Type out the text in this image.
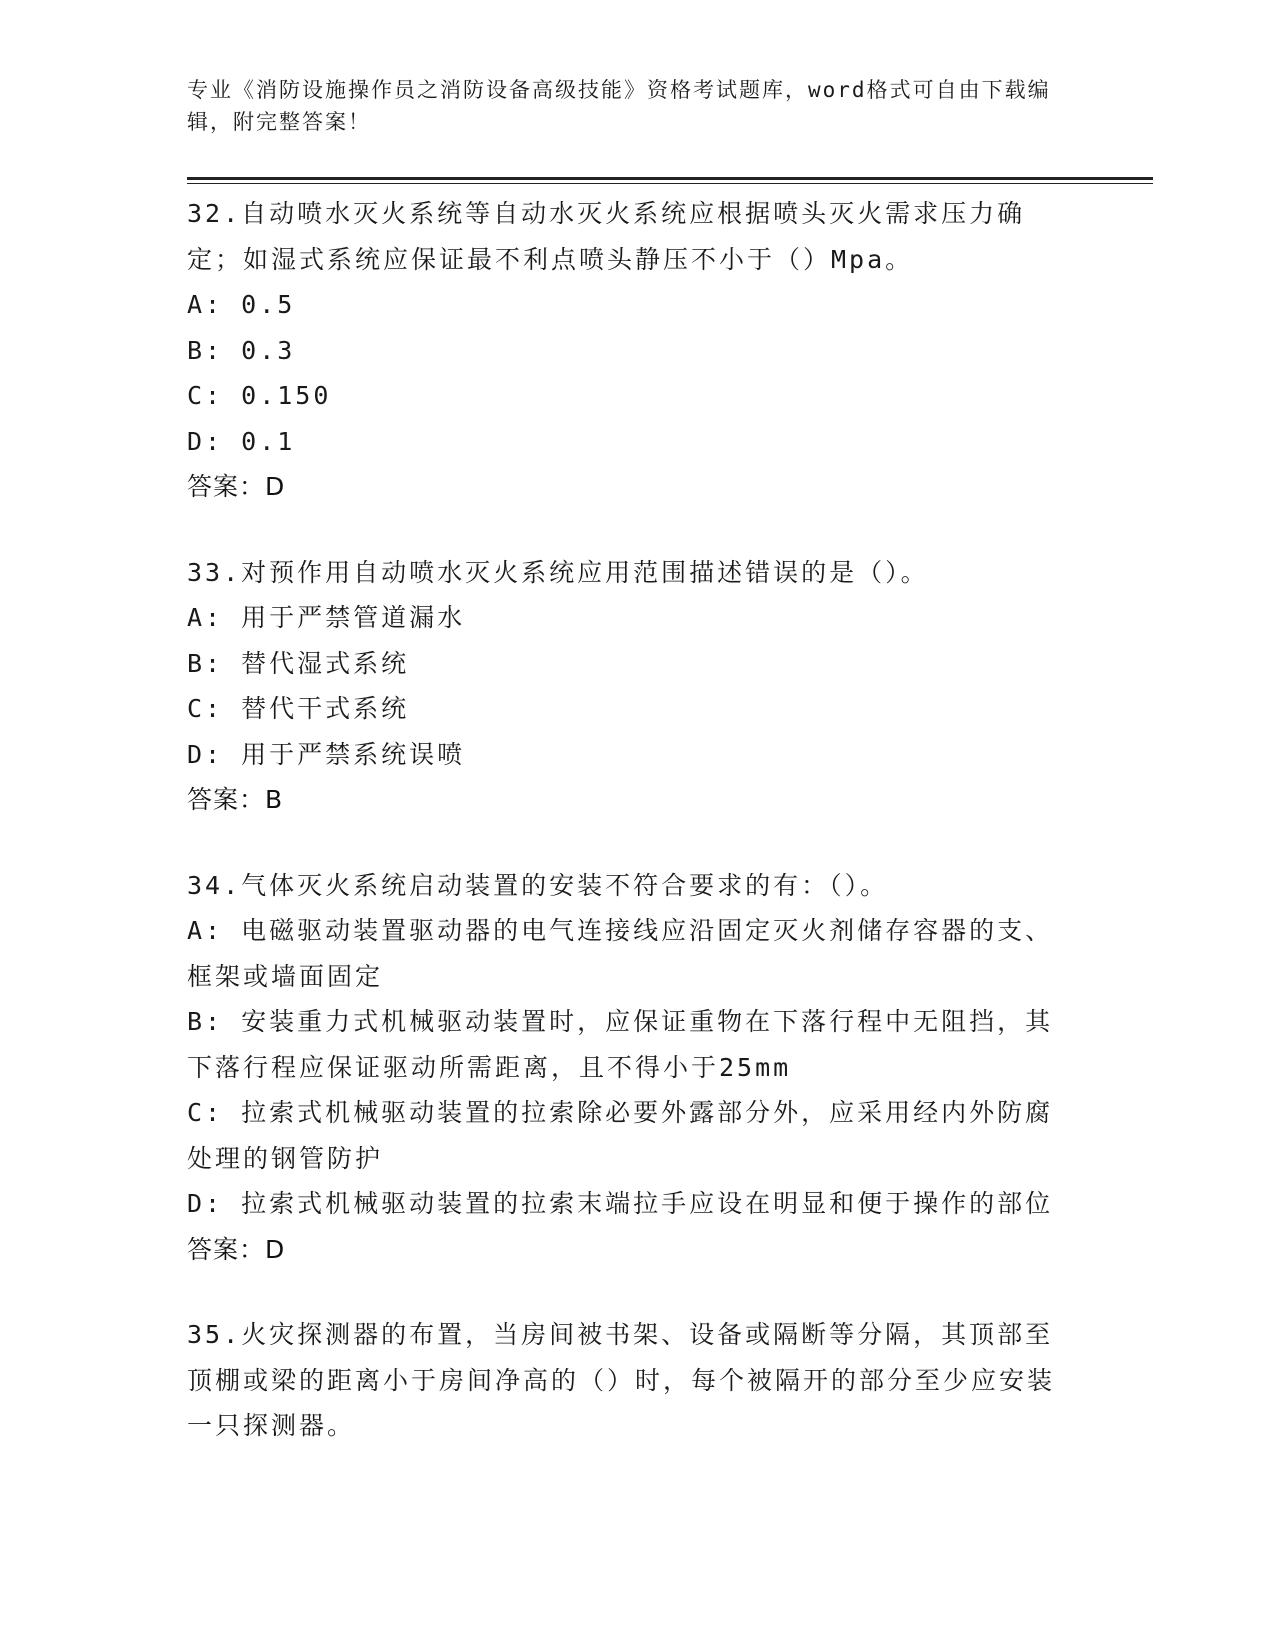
专业《消防设施操作员之消防设备高级技能》资格考试题库，word格式可自由下载编辑，附完整答案！
32.自动喷水灭火系统等自动水灭火系统应根据喷头灭火需求压力确定；如湿式系统应保证最不利点喷头静压不小于（）Mpa。
A: 0.5
B: 0.3
C: 0.150
D: 0.1
答案：D
33.对预作用自动喷水灭火系统应用范围描述错误的是（）。
A: 用于严禁管道漏水
B: 替代湿式系统
C: 替代干式系统
D: 用于严禁系统误喷
答案：B
34.气体灭火系统启动装置的安装不符合要求的有：（）。
A: 电磁驱动装置驱动器的电气连接线应沿固定灭火剂储存容器的支、框架或墙面固定
B: 安装重力式机械驱动装置时，应保证重物在下落行程中无阻挡，其下落行程应保证驱动所需距离，且不得小于25mm
C: 拉索式机械驱动装置的拉索除必要外露部分外，应采用经内外防腐处理的钢管防护
D: 拉索式机械驱动装置的拉索末端拉手应设在明显和便于操作的部位
答案：D
35.火灾探测器的布置，当房间被书架、设备或隔断等分隔，其顶部至顶棚或梁的距离小于房间净高的（）时，每个被隔开的部分至少应安装一只探测器。
